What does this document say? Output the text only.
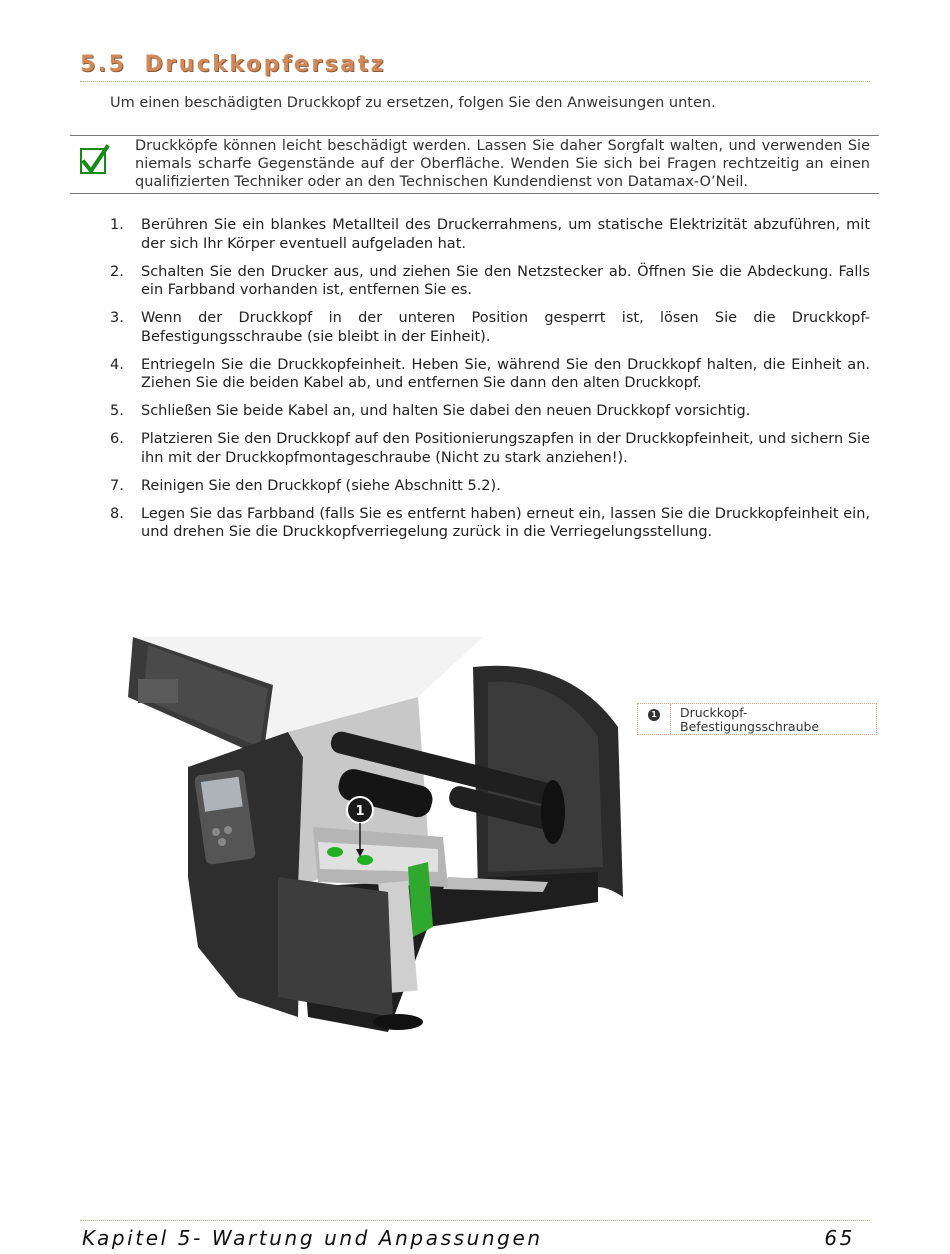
5.5 Druckkopfersatz
Um einen beschädigten Druckkopf zu ersetzen, folgen Sie den Anweisungen unten.
Druckköpfe können leicht beschädigt werden. Lassen Sie daher Sorgfalt walten, und verwenden Sie niemals scharfe Gegenstände auf der Oberfläche. Wenden Sie sich bei Fragen rechtzeitig an einen qualifizierten Techniker oder an den Technischen Kundendienst von Datamax-O’Neil.
1. Berühren Sie ein blankes Metallteil des Druckerrahmens, um statische Elektrizität abzuführen, mit der sich Ihr Körper eventuell aufgeladen hat.
2. Schalten Sie den Drucker aus, und ziehen Sie den Netzstecker ab. Öffnen Sie die Abdeckung. Falls ein Farbband vorhanden ist, entfernen Sie es.
3. Wenn der Druckkopf in der unteren Position gesperrt ist, lösen Sie die Druckkopf-Befestigungsschraube (sie bleibt in der Einheit).
4. Entriegeln Sie die Druckkopfeinheit. Heben Sie, während Sie den Druckkopf halten, die Einheit an. Ziehen Sie die beiden Kabel ab, und entfernen Sie dann den alten Druckkopf.
5. Schließen Sie beide Kabel an, und halten Sie dabei den neuen Druckkopf vorsichtig.
6. Platzieren Sie den Druckkopf auf den Positionierungszapfen in der Druckkopfeinheit, und sichern Sie ihn mit der Druckkopfmontageschraube (Nicht zu stark anziehen!).
7. Reinigen Sie den Druckkopf (siehe Abschnitt 5.2).
8. Legen Sie das Farbband (falls Sie es entfernt haben) erneut ein, lassen Sie die Druckkopfeinheit ein, und drehen Sie die Druckkopfverriegelung zurück in die Verriegelungsstellung.
1
1 Druckkopf-Befestigungsschraube
Kapitel 5- Wartung und Anpassungen	65
